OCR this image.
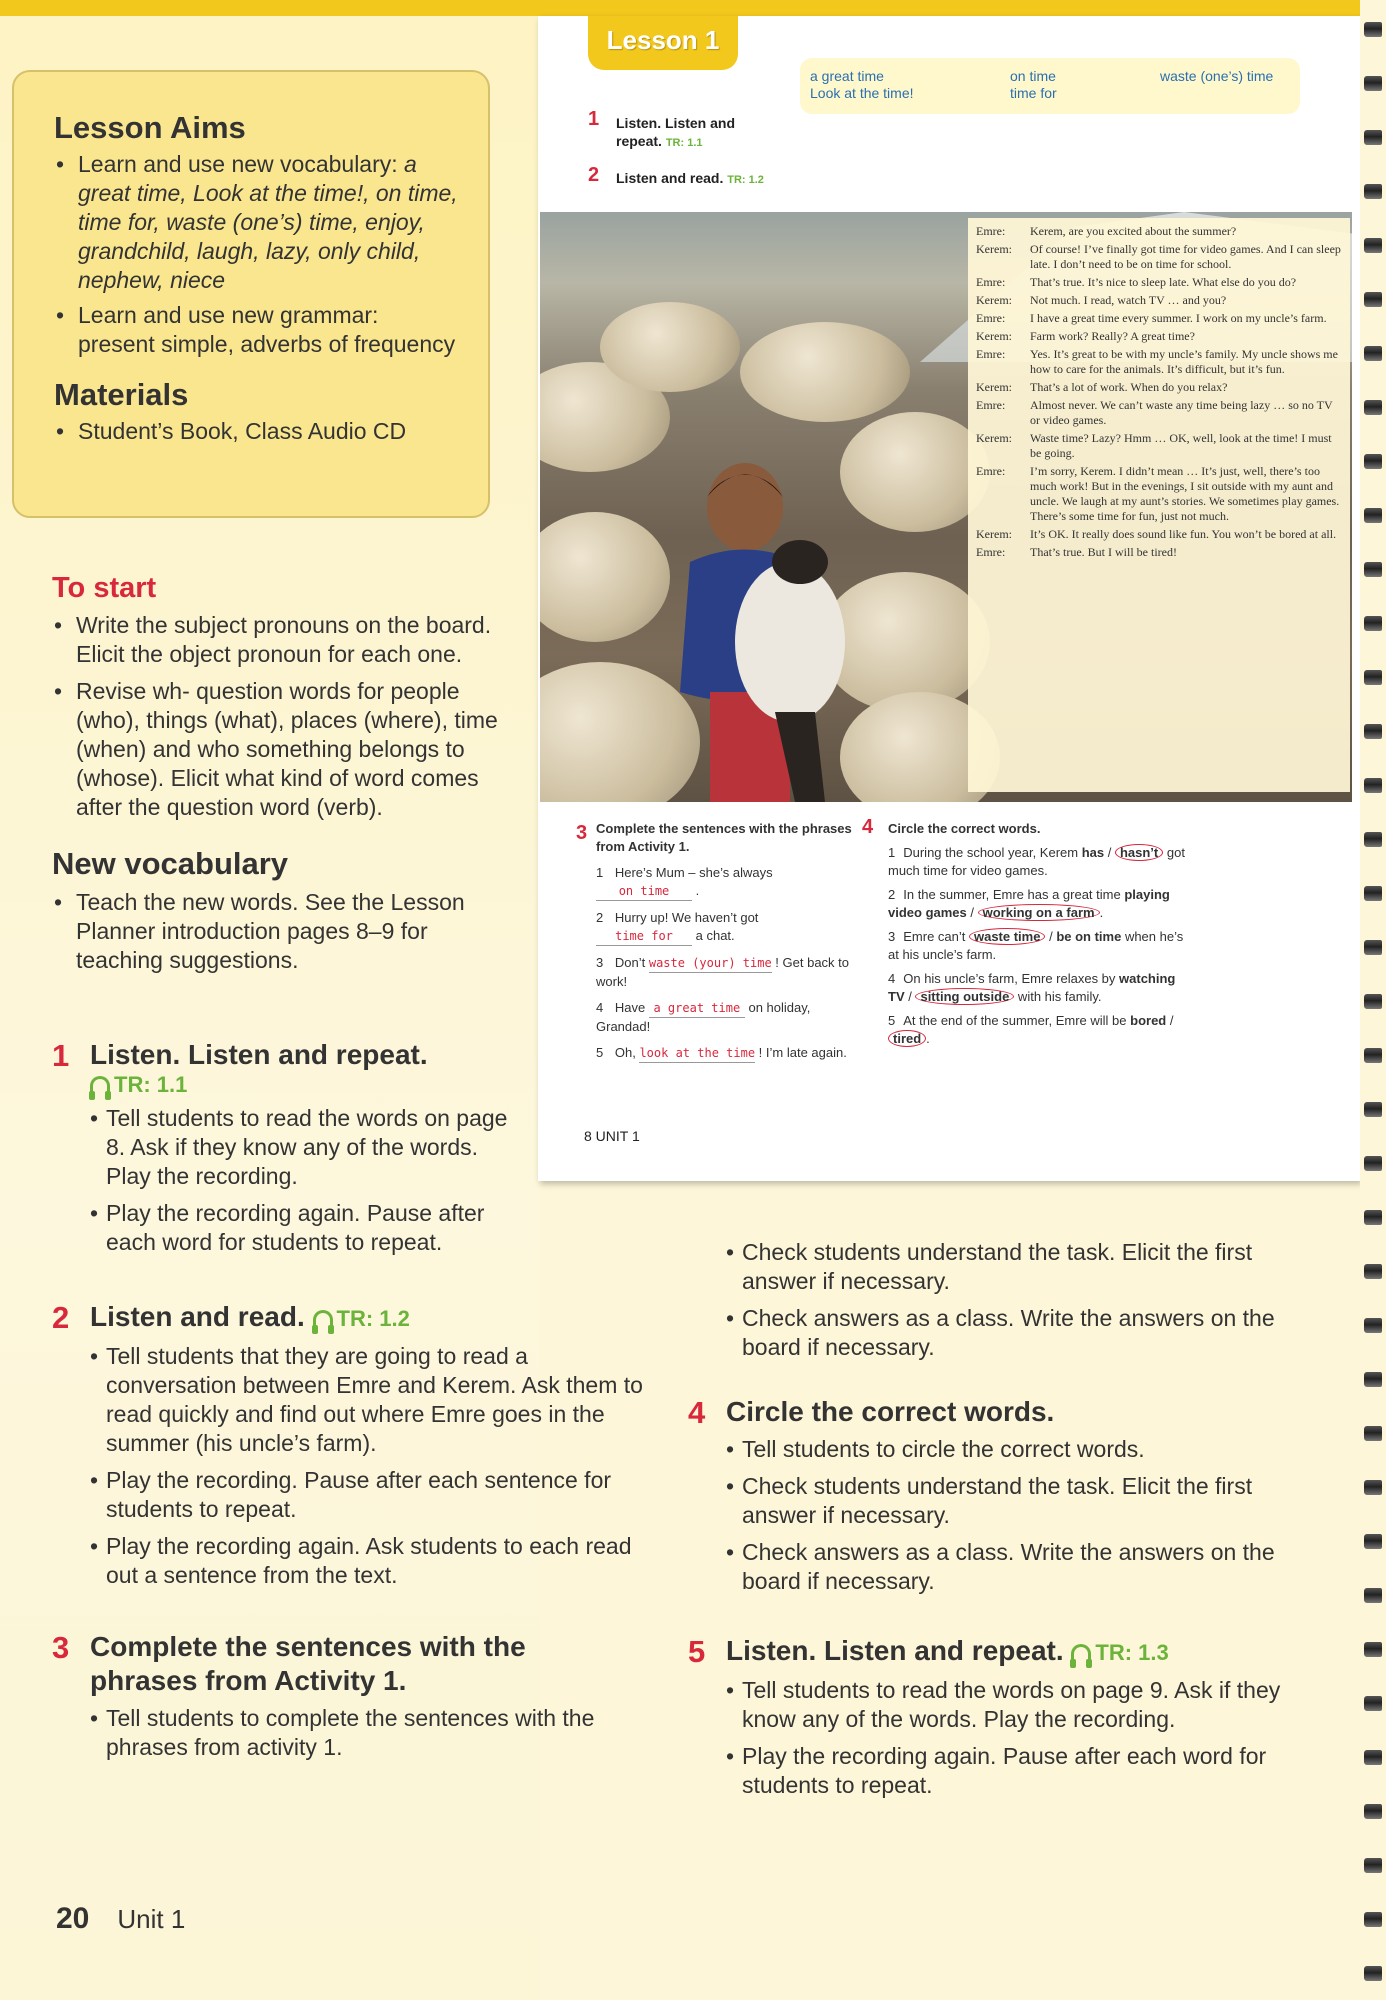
Lesson Aims
• Learn and use new vocabulary: a great time, Look at the time!, on time, time for, waste (one’s) time, enjoy, grandchild, laugh, lazy, only child, nephew, niece
• Learn and use new grammar: present simple, adverbs of frequency
Materials
• Student’s Book, Class Audio CD
To start
• Write the subject pronouns on the board. Elicit the object pronoun for each one.
• Revise wh- question words for people (who), things (what), places (where), time (when) and who something belongs to (whose). Elicit what kind of word comes after the question word (verb).
New vocabulary
• Teach the new words. See the Lesson Planner introduction pages 8–9 for teaching suggestions.
1 Listen. Listen and repeat.
TR: 1.1
• Tell students to read the words on page 8. Ask if they know any of the words. Play the recording.
• Play the recording again. Pause after each word for students to repeat.
2 Listen and read. TR: 1.2
• Tell students that they are going to read a conversation between Emre and Kerem. Ask them to read quickly and find out where Emre goes in the summer (his uncle’s farm).
• Play the recording. Pause after each sentence for students to repeat.
• Play the recording again. Ask students to each read out a sentence from the text.
3 Complete the sentences with the phrases from Activity 1.
• Tell students to complete the sentences with the phrases from activity 1.
• Check students understand the task. Elicit the first answer if necessary.
• Check answers as a class. Write the answers on the board if necessary.
4 Circle the correct words.
• Tell students to circle the correct words.
• Check students understand the task. Elicit the first answer if necessary.
• Check answers as a class. Write the answers on the board if necessary.
5 Listen. Listen and repeat. TR: 1.3
• Tell students to read the words on page 9. Ask if they know any of the words. Play the recording.
• Play the recording again. Pause after each word for students to repeat.
Lesson 1
a great time
Look at the time!
on time
time for
waste (one’s) time
1 Listen. Listen and repeat. TR: 1.1
2 Listen and read. TR: 1.2
Emre:	Kerem, are you excited about the summer?
Kerem:	Of course! I’ve finally got time for video games. And I can sleep late. I don’t need to be on time for school.
Emre:	That’s true. It’s nice to sleep late. What else do you do?
Kerem:	Not much. I read, watch TV … and you?
Emre:	I have a great time every summer. I work on my uncle’s farm.
Kerem:	Farm work? Really? A great time?
Emre:	Yes. It’s great to be with my uncle’s family. My uncle shows me how to care for the animals. It’s difficult, but it’s fun.
Kerem:	That’s a lot of work. When do you relax?
Emre:	Almost never. We can’t waste any time being lazy … so no TV or video games.
Kerem:	Waste time? Lazy? Hmm … OK, well, look at the time! I must be going.
Emre:	I’m sorry, Kerem. I didn’t mean … It’s just, well, there’s too much work! But in the evenings, I sit outside with my aunt and uncle. We laugh at my aunt’s stories. We sometimes play games. There’s some time for fun, just not much.
Kerem:	It’s OK. It really does sound like fun. You won’t be bored at all.
Emre:	That’s true. But I will be tired!
3 Complete the sentences with the phrases from Activity 1.
1 Here’s Mum – she’s always on time .
2 Hurry up! We haven’t got time for a chat.
3 Don’t waste (your) time ! Get back to work!
4 Have a great time on holiday, Grandad!
5 Oh, look at the time ! I’m late again.
4 Circle the correct words.
1 During the school year, Kerem has / hasn’t got much time for video games.
2 In the summer, Emre has a great time playing video games / working on a farm .
3 Emre can’t waste time / be on time when he’s at his uncle’s farm.
4 On his uncle’s farm, Emre relaxes by watching TV / sitting outside with his family.
5 At the end of the summer, Emre will be bored / tired .
8 UNIT 1
20 Unit 1
